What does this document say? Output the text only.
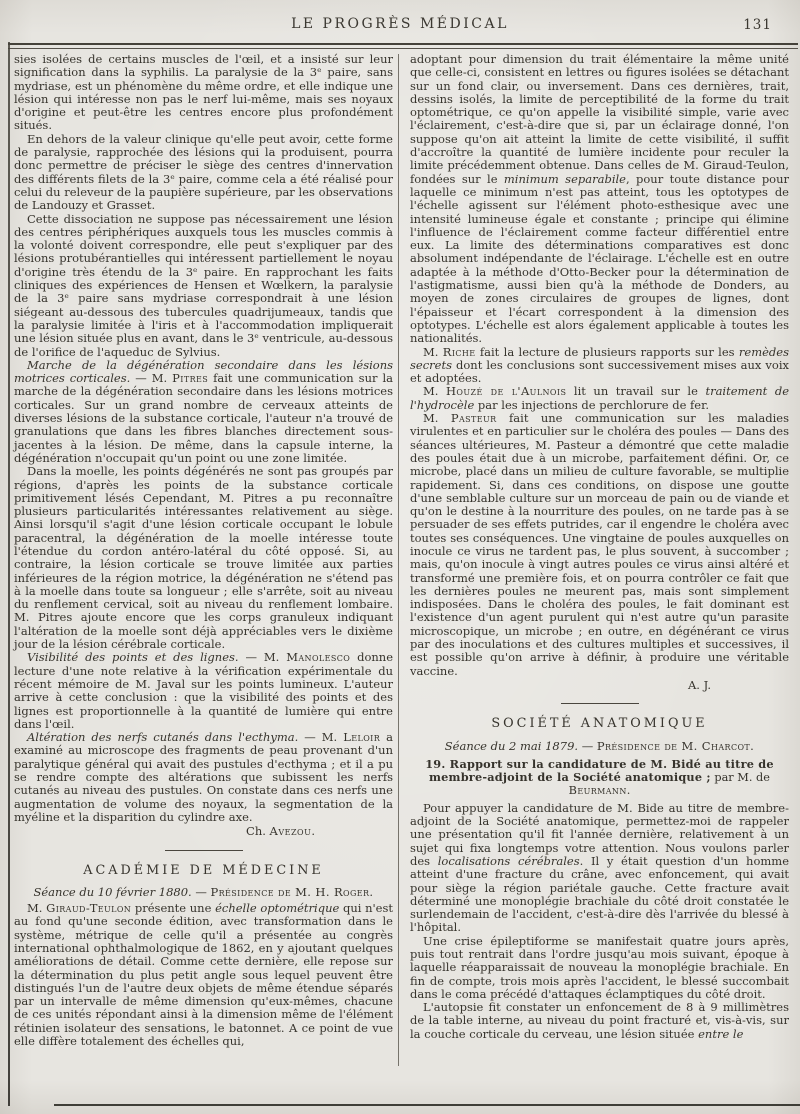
LE PROGRÈS MÉDICAL	131

sies isolées de certains muscles de l'œil, et a insisté sur leur signification dans la syphilis. La paralysie de la 3ᵉ paire, sans mydriase, est un phénomène du même ordre, et elle indique une lésion qui intéresse non pas le nerf lui-même, mais ses noyaux d'origine et peut-être les centres encore plus profondément situés.

En dehors de la valeur clinique qu'elle peut avoir, cette forme de paralysie, rapprochée des lésions qui la produisent, pourra donc permettre de préciser le siège des centres d'innervation des différents filets de la 3ᵉ paire, comme cela a été réalisé pour celui du releveur de la paupière supérieure, par les observations de Landouzy et Grasset.

Cette dissociation ne suppose pas nécessairement une lésion des centres périphériques auxquels tous les muscles commis à la volonté doivent correspondre, elle peut s'expliquer par des lésions protubérantielles qui intéressent partiellement le noyau d'origine très étendu de la 3ᵉ paire. En rapprochant les faits cliniques des expériences de Hensen et Wœlkern, la paralysie de la 3ᵉ paire sans mydriase correspondrait à une lésion siégeant au-dessous des tubercules quadrijumeaux, tandis que la paralysie limitée à l'iris et à l'accommodation impliquerait une lésion située plus en avant, dans le 3ᵉ ventricule, au-dessous de l'orifice de l'aqueduc de Sylvius.

Marche de la dégénération secondaire dans les lésions motrices corticales. — M. Pitres fait une communication sur la marche de la dégénération secondaire dans les lésions motrices corticales. Sur un grand nombre de cerveaux atteints de diverses lésions de la substance corticale, l'auteur n'a trouvé de granulations que dans les fibres blanches directement sous-jacentes à la lésion. De même, dans la capsule interne, la dégénération n'occupait qu'un point ou une zone limitée.

Dans la moelle, les points dégénérés ne sont pas groupés par régions, d'après les points de la substance corticale primitivement lésés Cependant, M. Pitres a pu reconnaître plusieurs particularités intéressantes relativement au siège. Ainsi lorsqu'il s'agit d'une lésion corticale occupant le lobule paracentral, la dégénération de la moelle intéresse toute l'étendue du cordon antéro-latéral du côté opposé. Si, au contraire, la lésion corticale se trouve limitée aux parties inférieures de la région motrice, la dégénération ne s'étend pas à la moelle dans toute sa longueur ; elle s'arrête, soit au niveau du renflement cervical, soit au niveau du renflement lombaire. M. Pitres ajoute encore que les corps granuleux indiquant l'altération de la moelle sont déjà appréciables vers le dixième jour de la lésion cérébrale corticale.

Visibilité des points et des lignes. — M. Manolesco donne lecture d'une note relative à la vérification expérimentale du récent mémoire de M. Javal sur les points lumineux. L'auteur arrive à cette conclusion : que la visibilité des points et des lignes est proportionnelle à la quantité de lumière qui entre dans l'œil.

Altération des nerfs cutanés dans l'ecthyma. — M. Leloir a examiné au microscope des fragments de peau provenant d'un paralytique général qui avait des pustules d'ecthyma ; et il a pu se rendre compte des altérations que subissent les nerfs cutanés au niveau des pustules. On constate dans ces nerfs une augmentation de volume des noyaux, la segmentation de la myéline et la disparition du cylindre axe.

Ch. Avezou.

ACADÉMIE DE MÉDECINE

Séance du 10 février 1880. — Présidence de M. H. Roger.

M. Giraud-Teulon présente une échelle optométrique qui n'est au fond qu'une seconde édition, avec transformation dans le système, métrique de celle qu'il a présentée au congrès international ophthalmologique de 1862, en y ajoutant quelques améliorations de détail. Comme cette dernière, elle repose sur la détermination du plus petit angle sous lequel peuvent être distingués l'un de l'autre deux objets de même étendue séparés par un intervalle de même dimension qu'eux-mêmes, chacune de ces unités répondant ainsi à la dimension même de l'élément rétinien isolateur des sensations, le batonnet. A ce point de vue elle diffère totalement des échelles qui,

adoptant pour dimension du trait élémentaire la même unité que celle-ci, consistent en lettres ou figures isolées se détachant sur un fond clair, ou inversement. Dans ces dernières, trait, dessins isolés, la limite de perceptibilité de la forme du trait optométrique, ce qu'on appelle la visibilité simple, varie avec l'éclairement, c'est-à-dire que si, par un éclairage donné, l'on suppose qu'on ait atteint la limite de cette visibilité, il suffit d'accroître la quantité de lumière incidente pour reculer la limite précédemment obtenue. Dans celles de M. Giraud-Teulon, fondées sur le minimum separabile, pour toute distance pour laquelle ce minimum n'est pas atteint, tous les optotypes de l'échelle agissent sur l'élément photo-esthesique avec une intensité lumineuse égale et constante ; principe qui élimine l'influence de l'éclairement comme facteur différentiel entre eux. La limite des déterminations comparatives est donc absolument indépendante de l'éclairage. L'échelle est en outre adaptée à la méthode d'Otto-Becker pour la détermination de l'astigmatisme, aussi bien qu'à la méthode de Donders, au moyen de zones circulaires de groupes de lignes, dont l'épaisseur et l'écart correspondent à la dimension des optotypes. L'échelle est alors également applicable à toutes les nationalités.

M. Riche fait la lecture de plusieurs rapports sur les remèdes secrets dont les conclusions sont successivement mises aux voix et adoptées.

M. Houzé de l'Aulnois lit un travail sur le traitement de l'hydrocèle par les injections de perchlorure de fer.

M. Pasteur fait une communication sur les maladies virulentes et en particulier sur le choléra des poules — Dans des séances ultérieures, M. Pasteur a démontré que cette maladie des poules était due à un microbe, parfaitement défini. Or, ce microbe, placé dans un milieu de culture favorable, se multiplie rapidement. Si, dans ces conditions, on dispose une goutte d'une semblable culture sur un morceau de pain ou de viande et qu'on le destine à la nourriture des poules, on ne tarde pas à se persuader de ses effets putrides, car il engendre le choléra avec toutes ses conséquences. Une vingtaine de poules auxquelles on inocule ce virus ne tardent pas, le plus souvent, à succomber ; mais, qu'on inocule à vingt autres poules ce virus ainsi altéré et transformé une première fois, et on pourra contrôler ce fait que les dernières poules ne meurent pas, mais sont simplement indisposées. Dans le choléra des poules, le fait dominant est l'existence d'un agent purulent qui n'est autre qu'un parasite microscopique, un microbe ; en outre, en dégénérant ce virus par des inoculations et des cultures multiples et successives, il est possible qu'on arrive à définir, à produire une véritable vaccine.

A. J.

SOCIÉTÉ ANATOMIQUE

Séance du 2 mai 1879. — Présidence de M. Charcot.

19. Rapport sur la candidature de M. Bidé au titre de membre-adjoint de la Société anatomique ; par M. de Beurmann.

Pour appuyer la candidature de M. Bide au titre de membre-adjoint de la Société anatomique, permettez-moi de rappeler une présentation qu'il fit l'année dernière, relativement à un sujet qui fixa longtemps votre attention. Nous voulons parler des localisations cérébrales. Il y était question d'un homme atteint d'une fracture du crâne, avec enfoncement, qui avait pour siège la région pariétale gauche. Cette fracture avait déterminé une monoplégie brachiale du côté droit constatée le surlendemain de l'accident, c'est-à-dire dès l'arrivée du blessé à l'hôpital.

Une crise épileptiforme se manifestait quatre jours après, puis tout rentrait dans l'ordre jusqu'au mois suivant, époque à laquelle réapparaissait de nouveau la monoplégie brachiale. En fin de compte, trois mois après l'accident, le blessé succombait dans le coma précédé d'attaques éclamptiques du côté droit.

L'autopsie fit constater un enfoncement de 8 à 9 millimètres de la table interne, au niveau du point fracturé et, vis-à-vis, sur la couche corticale du cerveau, une lésion située entre le
